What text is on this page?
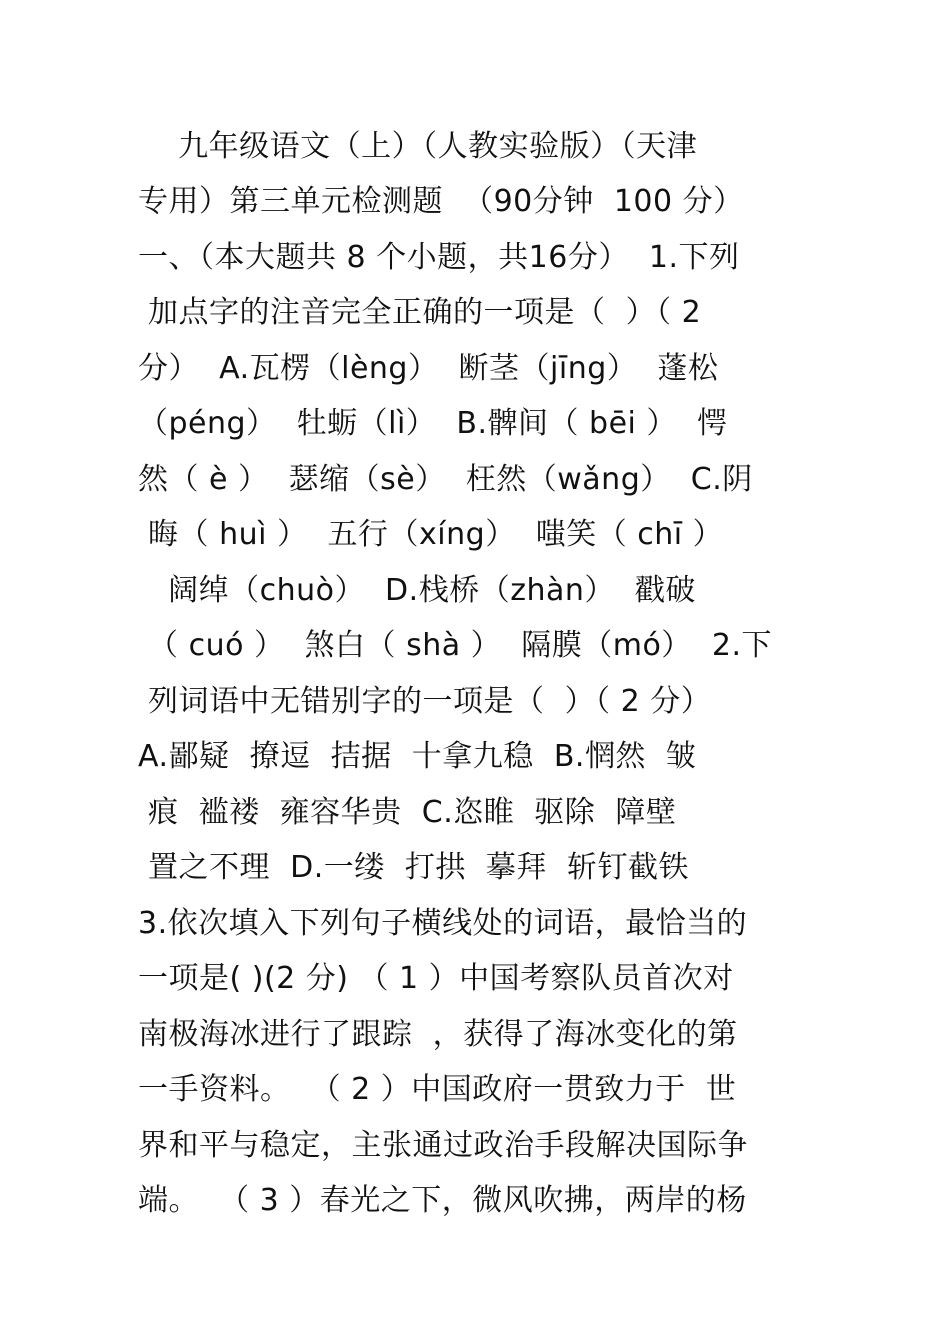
九年级语文（上）（人教实验版）（天津
专用）第三单元检测题  （90分钟  100 分）
一、（本大题共 8 个小题，共16分）  1.下列
加点字的注音完全正确的一项是（  ）（ 2
分）  A.瓦楞（lèng）  断茎（jīng）  蓬松
（péng）  牡蛎（lì）  B.髀间（ bēi ）  愕
然（ è ）  瑟缩（sè）  枉然（wǎng）  C.阴
晦（ huì ）  五行（xíng）  嗤笑（ chī ）
阔绰（chuò）  D.栈桥（zhàn）  戳破
（ cuó ）  煞白（ shà ）  隔膜（mó）  2.下
列词语中无错别字的一项是（  ）（ 2 分）
A.鄙疑  撩逗  拮据  十拿九稳  B.惘然  皱
痕  褴褛  雍容华贵  C.恣睢  驱除  障壁
置之不理  D.一缕  打拱  摹拜  斩钉截铁
3.依次填入下列句子横线处的词语，最恰当的
一项是( )(2 分) （ 1 ）中国考察队员首次对
南极海冰进行了跟踪  ，获得了海冰变化的第
一手资料。  （ 2 ）中国政府一贯致力于  世
界和平与稳定，主张通过政治手段解决国际争
端。  （ 3 ）春光之下，微风吹拂，两岸的杨
